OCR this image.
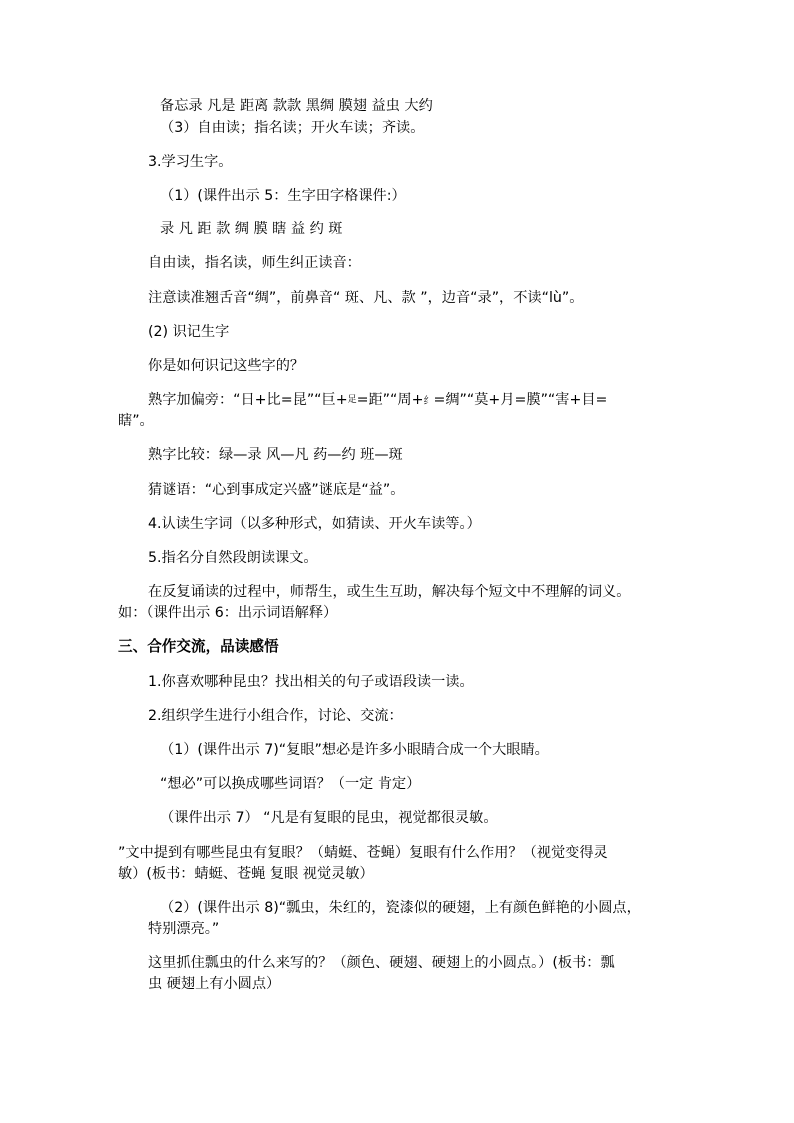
备忘录 凡是 距离 款款 黑绸 膜翅 益虫 大约
（3）自由读；指名读；开火车读；齐读。
3.学习生字。
（1）(课件出示 5：生字田字格课件:）
录 凡 距 款 绸 膜 瞎 益 约 斑
自由读，指名读，师生纠正读音：
注意读准翘舌音“绸”，前鼻音“ 斑、凡、款 ”，边音“录”，不读“lù”。
(2) 识记生字
你是如何识记这些字的？
熟字加偏旁：“日+比=昆”“巨+足=距”“周+纟=绸”“莫+月=膜”“害+目=
瞎”。
熟字比较：绿—录 风—凡 药—约 班—斑
猜谜语：“心到事成定兴盛”谜底是“益”。
4.认读生字词（以多种形式，如猜读、开火车读等。）
5.指名分自然段朗读课文。
在反复诵读的过程中，师帮生，或生生互助，解决每个短文中不理解的词义。
如：（课件出示 6：出示词语解释）
三、合作交流，品读感悟
1.你喜欢哪种昆虫？找出相关的句子或语段读一读。
2.组织学生进行小组合作，讨论、交流：
（1）(课件出示 7)“复眼”想必是许多小眼睛合成一个大眼睛。
“想必”可以换成哪些词语？（一定 肯定）
（课件出示 7） “凡是有复眼的昆虫，视觉都很灵敏。
”文中提到有哪些昆虫有复眼？（蜻蜓、苍蝇）复眼有什么作用？（视觉变得灵
敏）(板书：蜻蜓、苍蝇 复眼 视觉灵敏）
（2）(课件出示 8)“瓢虫，朱红的，瓷漆似的硬翅，上有颜色鲜艳的小圆点，
特别漂亮。”
这里抓住瓢虫的什么来写的？（颜色、硬翅、硬翅上的小圆点。）(板书：瓢
虫 硬翅上有小圆点）
